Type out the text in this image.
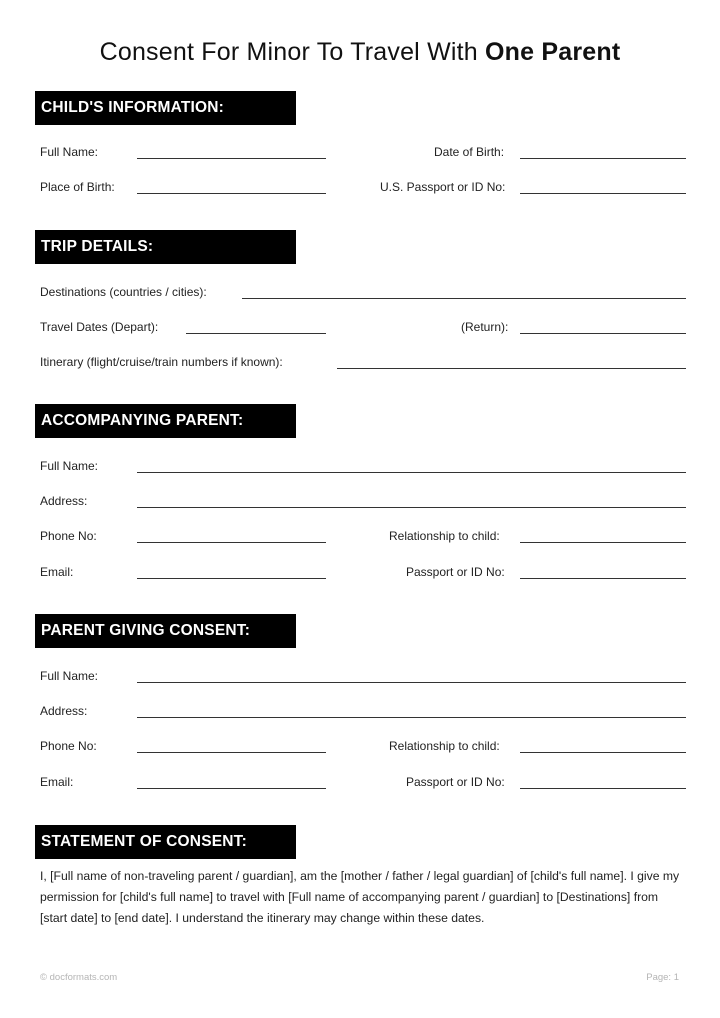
Consent For Minor To Travel With One Parent
CHILD'S INFORMATION:
Full Name:	Date of Birth:
Place of Birth:	U.S. Passport or ID No:
TRIP DETAILS:
Destinations (countries / cities):
Travel Dates (Depart):	(Return):
Itinerary (flight/cruise/train numbers if known):
ACCOMPANYING PARENT:
Full Name:
Address:
Phone No:	Relationship to child:
Email:	Passport or ID No:
PARENT GIVING CONSENT:
Full Name:
Address:
Phone No:	Relationship to child:
Email:	Passport or ID No:
STATEMENT OF CONSENT:
I, [Full name of non-traveling parent / guardian], am the [mother / father / legal guardian] of [child's full name]. I give my permission for [child's full name] to travel with [Full name of accompanying parent / guardian] to [Destinations] from [start date] to [end date]. I understand the itinerary may change within these dates.
© docformats.com	Page: 1
